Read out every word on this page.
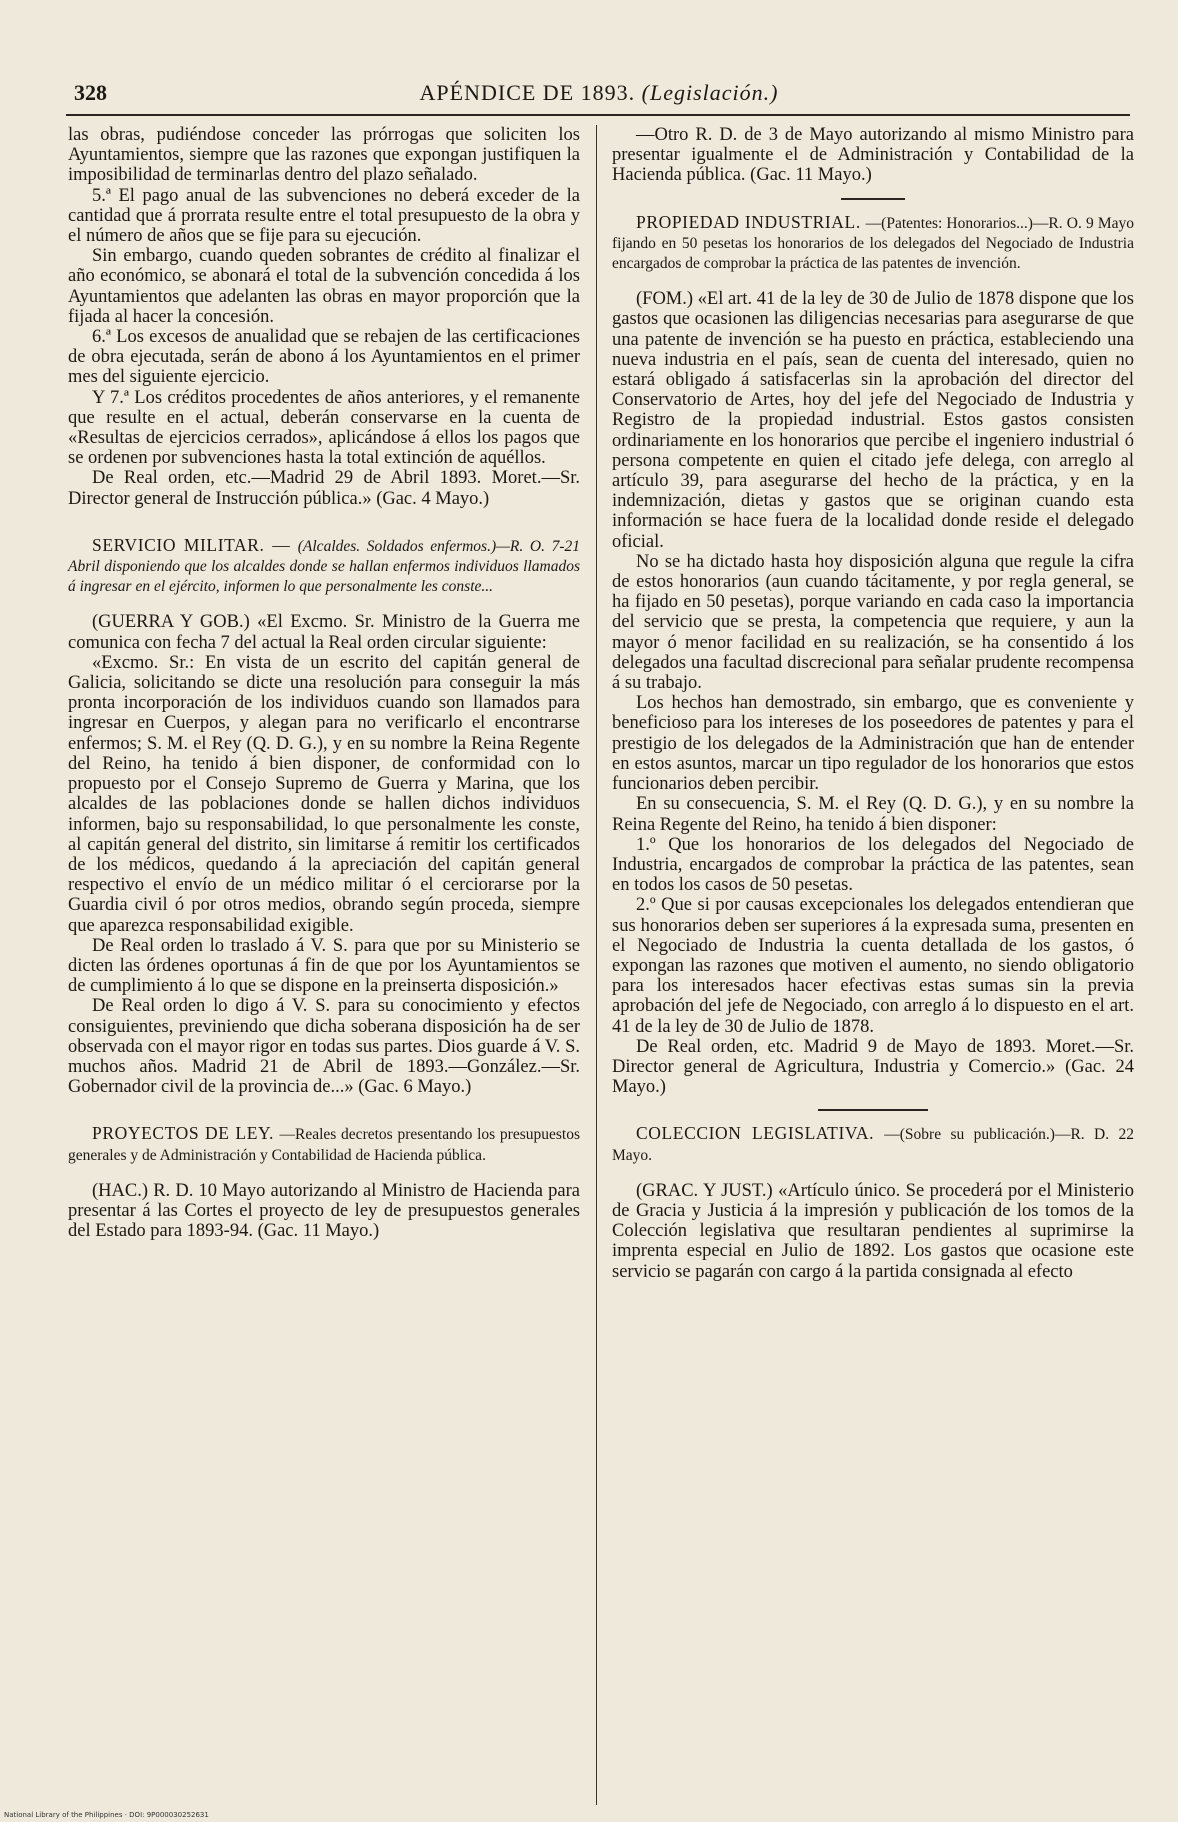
328	APÉNDICE DE 1893. (Legislación.)

las obras, pudiéndose conceder las prórrogas que soliciten los Ayuntamientos, siempre que las razones que expongan justifiquen la imposibilidad de terminarlas dentro del plazo señalado.

5.ª El pago anual de las subvenciones no deberá exceder de la cantidad que á prorrata resulte entre el total presupuesto de la obra y el número de años que se fije para su ejecución.

Sin embargo, cuando queden sobrantes de crédito al finalizar el año económico, se abonará el total de la subvención concedida á los Ayuntamientos que adelanten las obras en mayor proporción que la fijada al hacer la concesión.

6.ª Los excesos de anualidad que se rebajen de las certificaciones de obra ejecutada, serán de abono á los Ayuntamientos en el primer mes del siguiente ejercicio.

Y 7.ª Los créditos procedentes de años anteriores, y el remanente que resulte en el actual, deberán conservarse en la cuenta de «Resultas de ejercicios cerrados», aplicándose á ellos los pagos que se ordenen por subvenciones hasta la total extinción de aquéllos.

De Real orden, etc.—Madrid 29 de Abril 1893. Moret.—Sr. Director general de Instrucción pública.» (Gac. 4 Mayo.)

SERVICIO MILITAR. — (Alcaldes. Soldados enfermos.)—R. O. 7-21 Abril disponiendo que los alcaldes donde se hallan enfermos individuos llamados á ingresar en el ejército, informen lo que personalmente les conste...

(GUERRA Y GOB.) «El Excmo. Sr. Ministro de la Guerra me comunica con fecha 7 del actual la Real orden circular siguiente:

«Excmo. Sr.: En vista de un escrito del capitán general de Galicia, solicitando se dicte una resolución para conseguir la más pronta incorporación de los individuos cuando son llamados para ingresar en Cuerpos, y alegan para no verificarlo el encontrarse enfermos; S. M. el Rey (Q. D. G.), y en su nombre la Reina Regente del Reino, ha tenido á bien disponer, de conformidad con lo propuesto por el Consejo Supremo de Guerra y Marina, que los alcaldes de las poblaciones donde se hallen dichos individuos informen, bajo su responsabilidad, lo que personalmente les conste, al capitán general del distrito, sin limitarse á remitir los certificados de los médicos, quedando á la apreciación del capitán general respectivo el envío de un médico militar ó el cerciorarse por la Guardia civil ó por otros medios, obrando según proceda, siempre que aparezca responsabilidad exigible.

De Real orden lo traslado á V. S. para que por su Ministerio se dicten las órdenes oportunas á fin de que por los Ayuntamientos se de cumplimiento á lo que se dispone en la preinserta disposición.»

De Real orden lo digo á V. S. para su conocimiento y efectos consiguientes, previniendo que dicha soberana disposición ha de ser observada con el mayor rigor en todas sus partes. Dios guarde á V. S. muchos años. Madrid 21 de Abril de 1893.—González.—Sr. Gobernador civil de la provincia de...» (Gac. 6 Mayo.)

PROYECTOS DE LEY. —Reales decretos presentando los presupuestos generales y de Administración y Contabilidad de Hacienda pública.

(HAC.) R. D. 10 Mayo autorizando al Ministro de Hacienda para presentar á las Cortes el proyecto de ley de presupuestos generales del Estado para 1893-94. (Gac. 11 Mayo.)

—Otro R. D. de 3 de Mayo autorizando al mismo Ministro para presentar igualmente el de Administración y Contabilidad de la Hacienda pública. (Gac. 11 Mayo.)

PROPIEDAD INDUSTRIAL. —(Patentes: Honorarios...)—R. O. 9 Mayo fijando en 50 pesetas los honorarios de los delegados del Negociado de Industria encargados de comprobar la práctica de las patentes de invención.

(FOM.) «El art. 41 de la ley de 30 de Julio de 1878 dispone que los gastos que ocasionen las diligencias necesarias para asegurarse de que una patente de invención se ha puesto en práctica, estableciendo una nueva industria en el país, sean de cuenta del interesado, quien no estará obligado á satisfacerlas sin la aprobación del director del Conservatorio de Artes, hoy del jefe del Negociado de Industria y Registro de la propiedad industrial. Estos gastos consisten ordinariamente en los honorarios que percibe el ingeniero industrial ó persona competente en quien el citado jefe delega, con arreglo al artículo 39, para asegurarse del hecho de la práctica, y en la indemnización, dietas y gastos que se originan cuando esta información se hace fuera de la localidad donde reside el delegado oficial.

No se ha dictado hasta hoy disposición alguna que regule la cifra de estos honorarios (aun cuando tácitamente, y por regla general, se ha fijado en 50 pesetas), porque variando en cada caso la importancia del servicio que se presta, la competencia que requiere, y aun la mayor ó menor facilidad en su realización, se ha consentido á los delegados una facultad discrecional para señalar prudente recompensa á su trabajo.

Los hechos han demostrado, sin embargo, que es conveniente y beneficioso para los intereses de los poseedores de patentes y para el prestigio de los delegados de la Administración que han de entender en estos asuntos, marcar un tipo regulador de los honorarios que estos funcionarios deben percibir.

En su consecuencia, S. M. el Rey (Q. D. G.), y en su nombre la Reina Regente del Reino, ha tenido á bien disponer:

1.º Que los honorarios de los delegados del Negociado de Industria, encargados de comprobar la práctica de las patentes, sean en todos los casos de 50 pesetas.

2.º Que si por causas excepcionales los delegados entendieran que sus honorarios deben ser superiores á la expresada suma, presenten en el Negociado de Industria la cuenta detallada de los gastos, ó expongan las razones que motiven el aumento, no siendo obligatorio para los interesados hacer efectivas estas sumas sin la previa aprobación del jefe de Negociado, con arreglo á lo dispuesto en el art. 41 de la ley de 30 de Julio de 1878.

De Real orden, etc. Madrid 9 de Mayo de 1893. Moret.—Sr. Director general de Agricultura, Industria y Comercio.» (Gac. 24 Mayo.)

COLECCION LEGISLATIVA. —(Sobre su publicación.)—R. D. 22 Mayo.

(GRAC. Y JUST.) «Artículo único. Se procederá por el Ministerio de Gracia y Justicia á la impresión y publicación de los tomos de la Colección legislativa que resultaran pendientes al suprimirse la imprenta especial en Julio de 1892. Los gastos que ocasione este servicio se pagarán con cargo á la partida consignada al efecto

National Library of the Philippines · DOI: 9P000030252631
